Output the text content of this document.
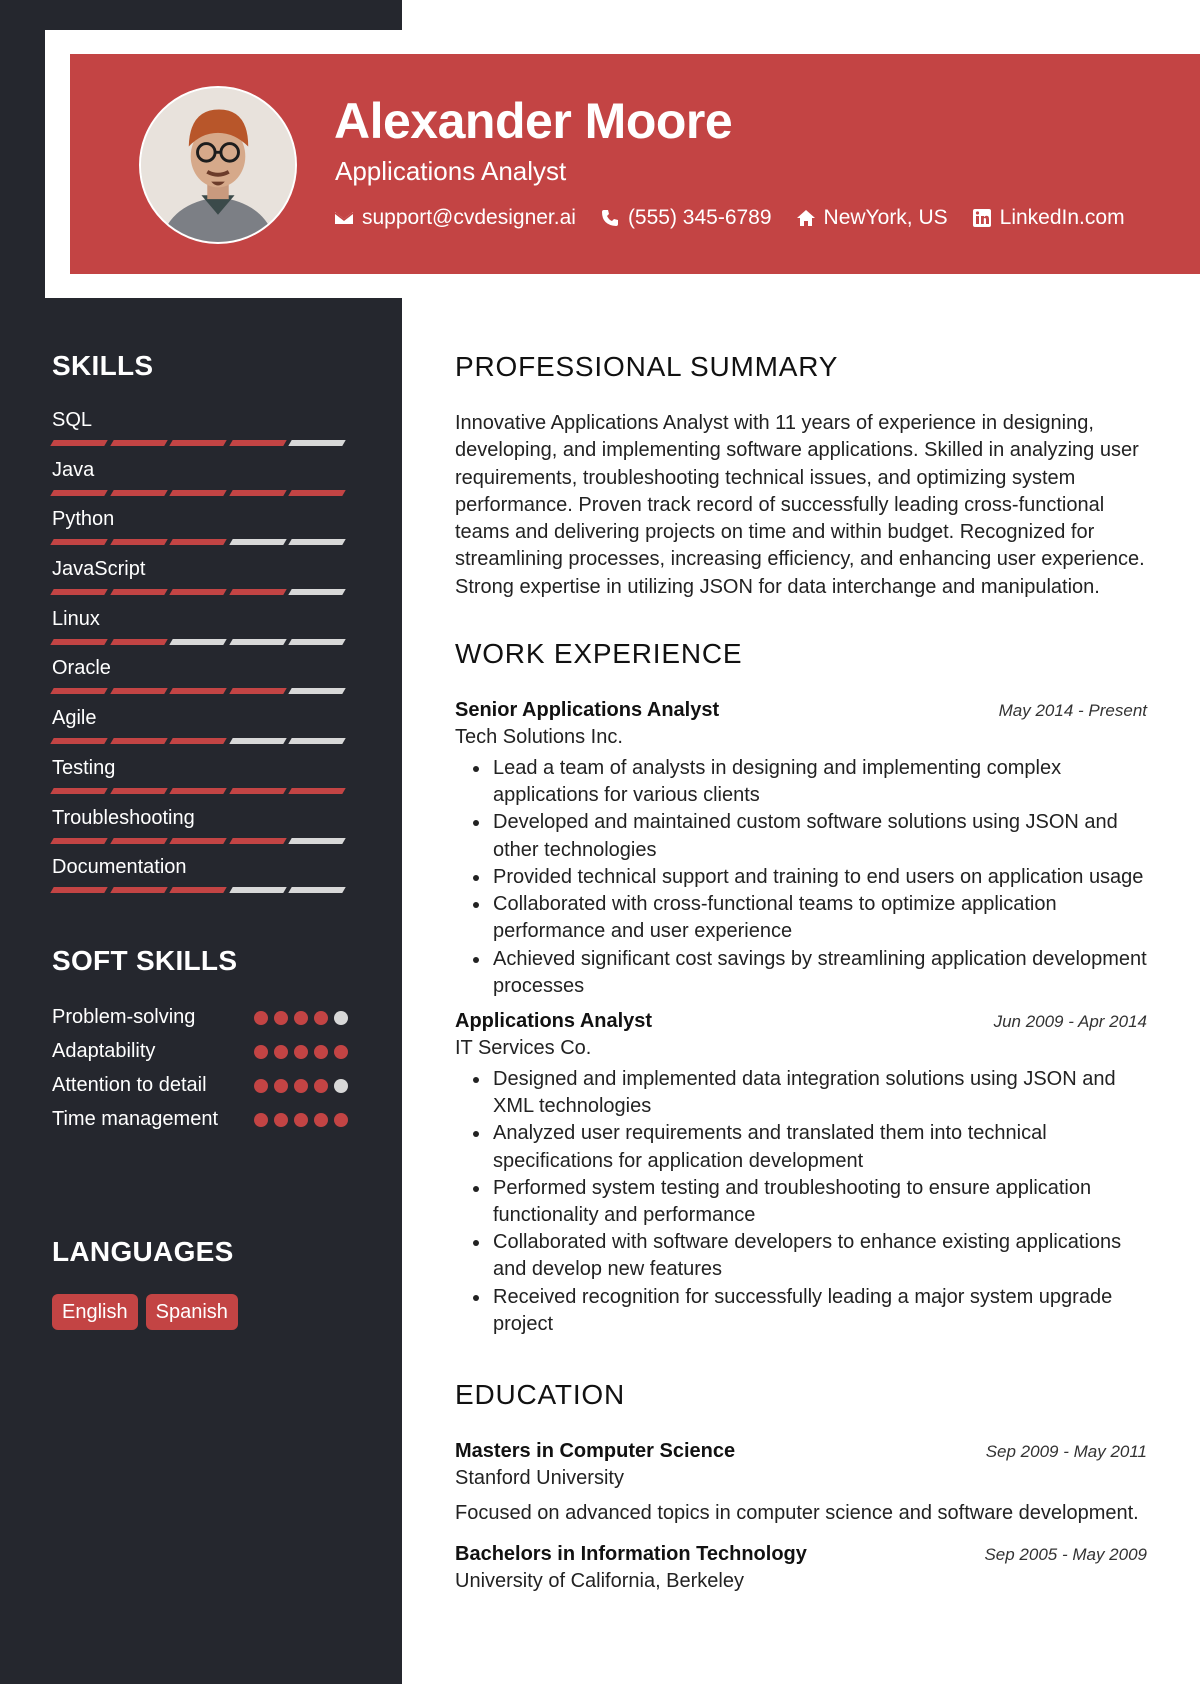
Alexander Moore
Applications Analyst
support@cvdesigner.ai (555) 345-6789 NewYork, US LinkedIn.com
SKILLS
SQL
Java
Python
JavaScript
Linux
Oracle
Agile
Testing
Troubleshooting
Documentation
SOFT SKILLS
Problem-solving
Adaptability
Attention to detail
Time management
LANGUAGES
English	Spanish
PROFESSIONAL SUMMARY

Innovative Applications Analyst with 11 years of experience in designing, developing, and implementing software applications. Skilled in analyzing user requirements, troubleshooting technical issues, and optimizing system performance. Proven track record of successfully leading cross-functional teams and delivering projects on time and within budget. Recognized for streamlining processes, increasing efficiency, and enhancing user experience. Strong expertise in utilizing JSON for data interchange and manipulation.

WORK EXPERIENCE
Senior Applications Analyst	May 2014 - Present
Tech Solutions Inc.
Lead a team of analysts in designing and implementing complex applications for various clients
Developed and maintained custom software solutions using JSON and other technologies
Provided technical support and training to end users on application usage
Collaborated with cross-functional teams to optimize application performance and user experience
Achieved significant cost savings by streamlining application development processes
Applications Analyst	Jun 2009 - Apr 2014
IT Services Co.
Designed and implemented data integration solutions using JSON and XML technologies
Analyzed user requirements and translated them into technical specifications for application development
Performed system testing and troubleshooting to ensure application functionality and performance
Collaborated with software developers to enhance existing applications and develop new features
Received recognition for successfully leading a major system upgrade project
EDUCATION
Masters in Computer Science	Sep 2009 - May 2011
Stanford University
Focused on advanced topics in computer science and software development.
Bachelors in Information Technology	Sep 2005 - May 2009
University of California, Berkeley
